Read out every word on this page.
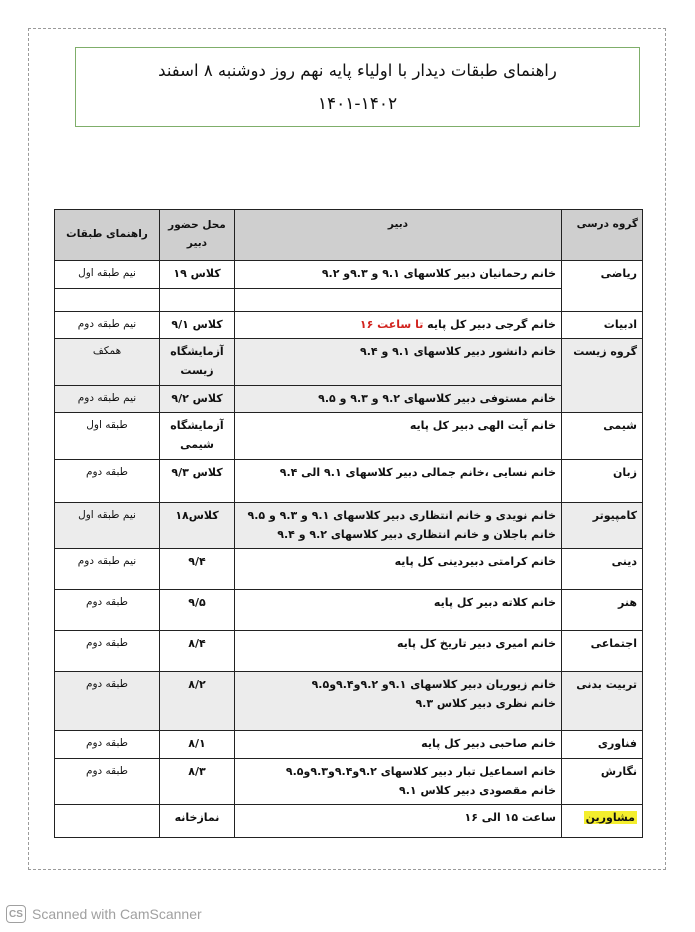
راهنمای طبقات دیدار با اولیاء پایه نهم روز دوشنبه ۸ اسفند
۱۴۰۱-۱۴۰۲
گروه درسی	دبیر	محل حضور دبیر	راهنمای طبقات
ریاضی	خانم رحمانیان دبیر کلاسهای ۹.۱ و ۹.۳و ۹.۲	کلاس ۱۹	نیم طبقه اول

ادبیات	خانم گرجی دبیر کل پایه تا ساعت ۱۶	کلاس ۹/۱	نیم طبقه دوم
گروه زیست	خانم دانشور دبیر کلاسهای ۹.۱ و ۹.۴	آزمایشگاه زیست	همکف
	خانم مستوفی دبیر کلاسهای ۹.۲ و ۹.۳ و ۹.۵	کلاس ۹/۲	نیم طبقه دوم
شیمی	خانم آیت الهی دبیر کل پایه	آزمایشگاه شیمی	طبقه اول
زبان	خانم نسایی ،خانم جمالی دبیر کلاسهای ۹.۱ الی ۹.۴	کلاس ۹/۳	طبقه دوم
کامپیوتر	خانم نویدی و خانم انتظاری دبیر کلاسهای ۹.۱ و ۹.۳ و ۹.۵
خانم باجلان و خانم انتظاری دبیر کلاسهای ۹.۲ و ۹.۴	کلاس۱۸	نیم طبقه اول
دینی	خانم کرامتی دبیردینی کل پایه	۹/۴	نیم طبقه دوم
هنر	خانم کلاته دبیر کل پایه	۹/۵	طبقه دوم
اجتماعی	خانم امیری دبیر تاریخ کل پایه	۸/۴	طبقه دوم
تربیت بدنی	خانم زیوریان دبیر کلاسهای ۹.۱و ۹.۲و۹.۴و۹.۵
خانم نظری دبیر کلاس ۹.۳	۸/۲	طبقه دوم
فناوری	خانم صاحبی دبیر کل پایه	۸/۱	طبقه دوم
نگارش	خانم اسماعیل تبار دبیر کلاسهای ۹.۲و۹.۴و۹.۳و۹.۵
خانم مقصودی دبیر کلاس ۹.۱	۸/۳	طبقه دوم
مشاورین	ساعت ۱۵ الی ۱۶	نمازخانه	
CS Scanned with CamScanner
